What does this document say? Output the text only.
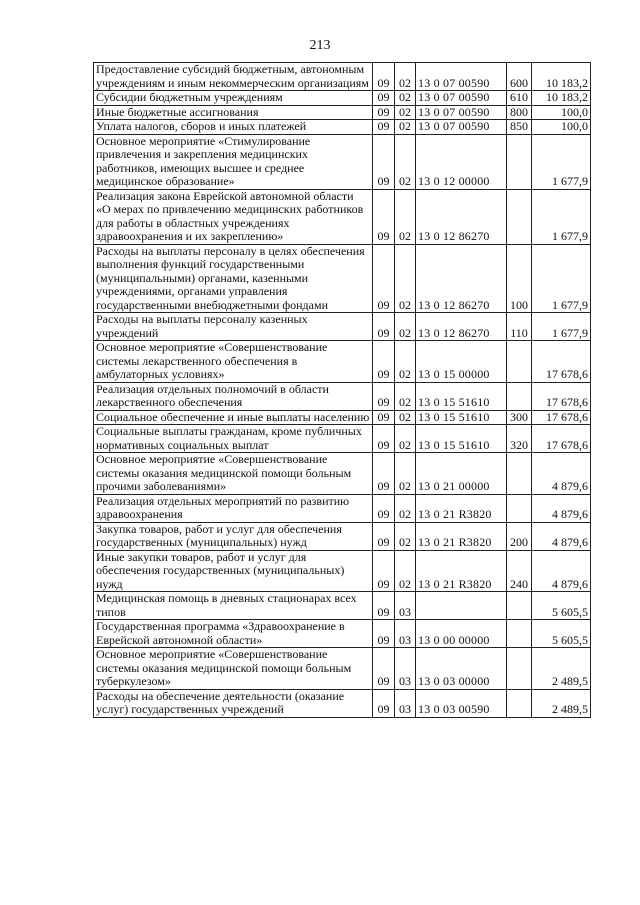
213
Предоставление субсидий бюджетным, автономным учреждениям и иным некоммерческим организациям	09	02	13 0 07 00590	600	10 183,2
Субсидии бюджетным учреждениям	09	02	13 0 07 00590	610	10 183,2
Иные бюджетные ассигнования	09	02	13 0 07 00590	800	100,0
Уплата налогов, сборов и иных платежей	09	02	13 0 07 00590	850	100,0
Основное мероприятие «Стимулирование привлечения и закрепления медицинских работников, имеющих высшее и среднее медицинское образование»	09	02	13 0 12 00000		1 677,9
Реализация закона Еврейской автономной области «О мерах по привлечению медицинских работников для работы в областных учреждениях здравоохранения и их закреплению»	09	02	13 0 12 86270		1 677,9
Расходы на выплаты персоналу в целях обеспечения выполнения функций государственными (муниципальными) органами, казенными учреждениями, органами управления государственными внебюджетными фондами	09	02	13 0 12 86270	100	1 677,9
Расходы на выплаты персоналу казенных учреждений	09	02	13 0 12 86270	110	1 677,9
Основное мероприятие «Совершенствование системы лекарственного обеспечения в амбулаторных условиях»	09	02	13 0 15 00000		17 678,6
Реализация отдельных полномочий в области лекарственного обеспечения	09	02	13 0 15 51610		17 678,6
Социальное обеспечение и иные выплаты населению	09	02	13 0 15 51610	300	17 678,6
Социальные выплаты гражданам, кроме публичных нормативных социальных выплат	09	02	13 0 15 51610	320	17 678,6
Основное мероприятие «Совершенствование системы оказания медицинской помощи больным прочими заболеваниями»	09	02	13 0 21 00000		4 879,6
Реализация отдельных мероприятий по развитию здравоохранения	09	02	13 0 21 R3820		4 879,6
Закупка товаров, работ и услуг для обеспечения государственных (муниципальных) нужд	09	02	13 0 21 R3820	200	4 879,6
Иные закупки товаров, работ и услуг для обеспечения государственных (муниципальных) нужд	09	02	13 0 21 R3820	240	4 879,6
Медицинская помощь в дневных стационарах всех типов	09	03			5 605,5
Государственная программа «Здравоохранение в Еврейской автономной области»	09	03	13 0 00 00000		5 605,5
Основное мероприятие «Совершенствование системы оказания медицинской помощи больным туберкулезом»	09	03	13 0 03 00000		2 489,5
Расходы на обеспечение деятельности (оказание услуг) государственных учреждений	09	03	13 0 03 00590		2 489,5
